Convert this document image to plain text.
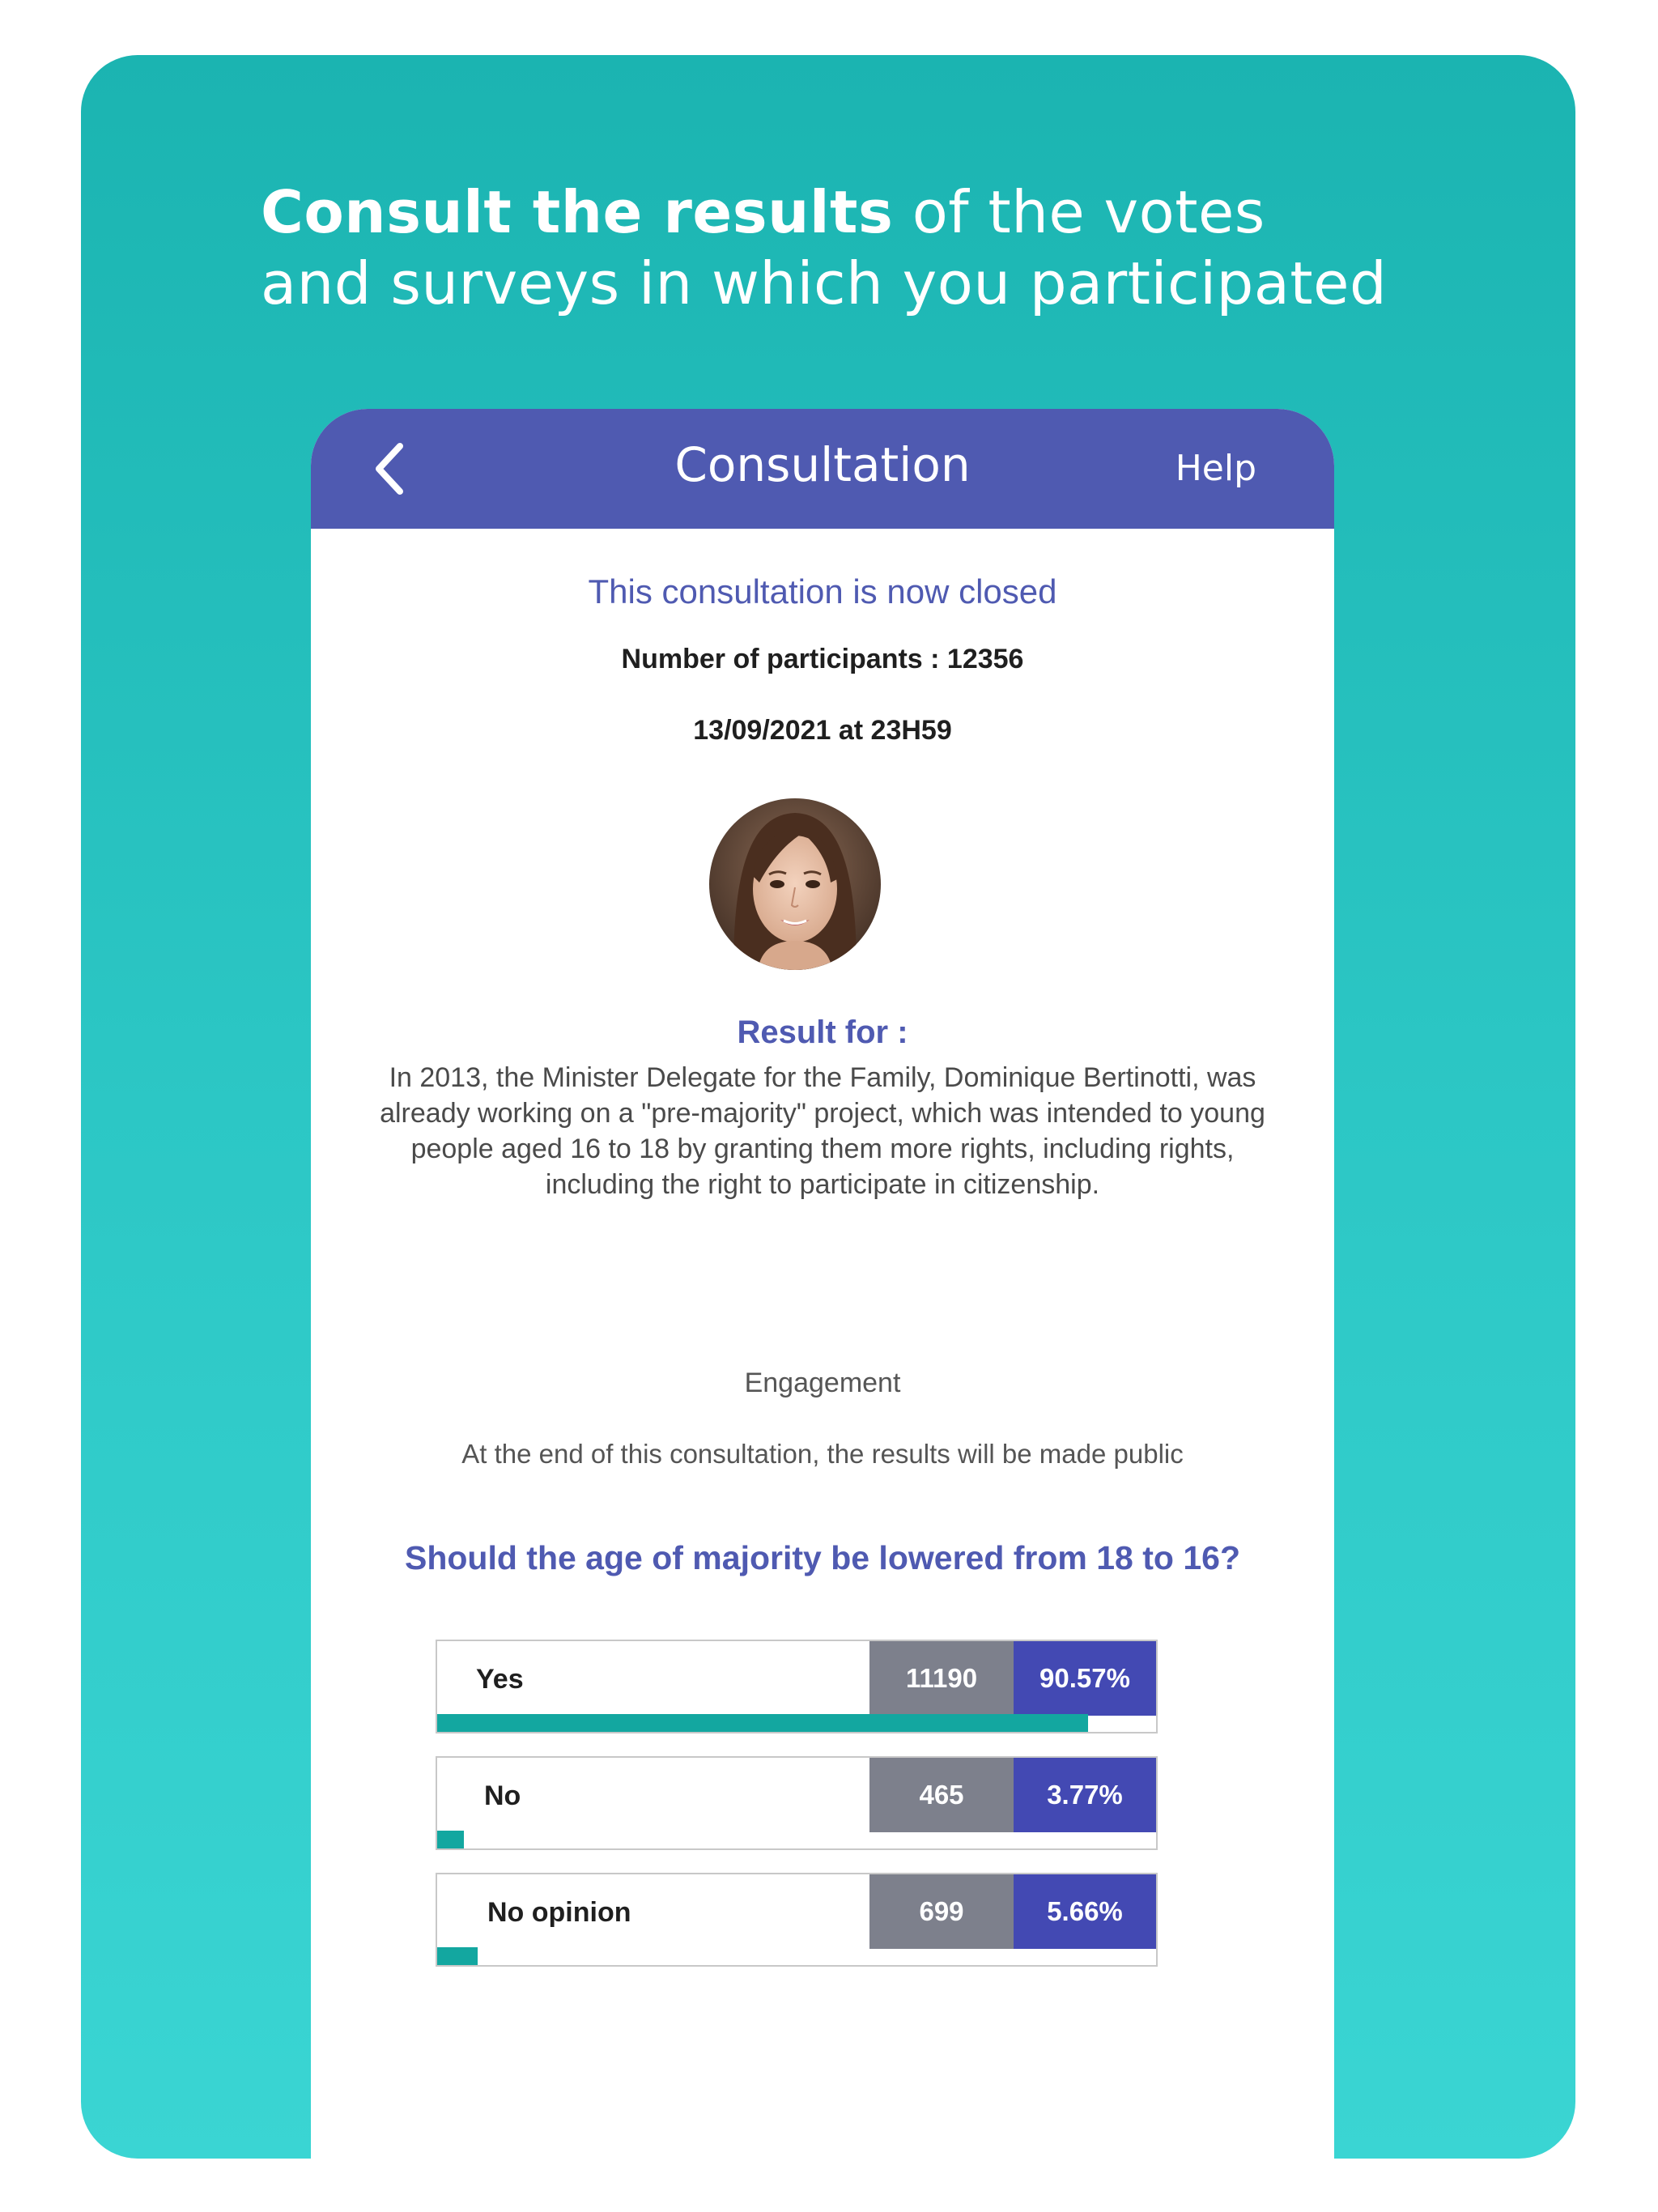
Consult the results of the votes
and surveys in which you participated
Consultation	Help
This consultation is now closed
Number of participants : 12356
13/09/2021 at 23H59
Result for :
In 2013, the Minister Delegate for the Family, Dominique Bertinotti, was already working on a "pre-majority" project, which was intended to young people aged 16 to 18 by granting them more rights, including rights, including the right to participate in citizenship.
Engagement
At the end of this consultation, the results will be made public
Should the age of majority be lowered from 18 to 16?
Yes	11190	90.57%
No	465	3.77%
No opinion	699	5.66%
